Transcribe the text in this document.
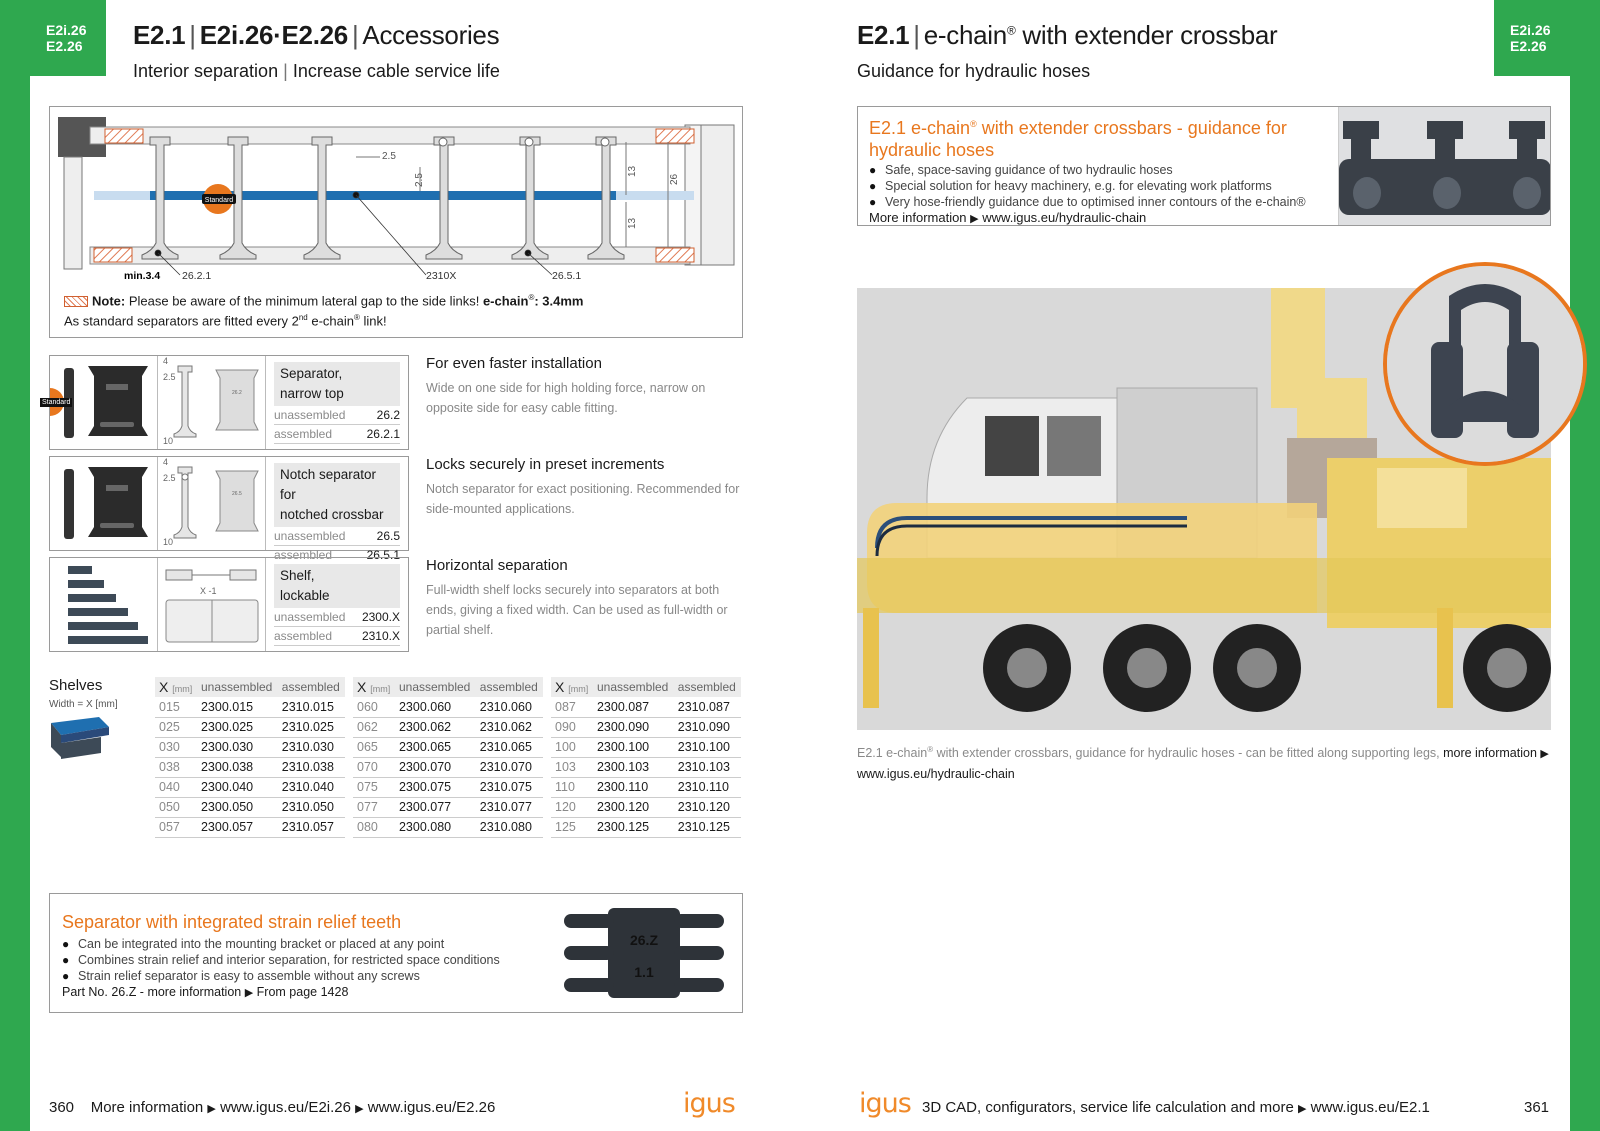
E2i.26
E2.26	E2.1 | E2i.26·E2.26 | Accessories
Interior separation | Increase cable service life
2.5
2.5
13
26
13
Standard
min.3.4 26.2.1	2310X	26.5.1
Note: Please be aware of the minimum lateral gap to the side links! e-chain®: 3.4mm
As standard separators are fitted every 2nd e-chain® link!
Standard
4
2.5
10
26.2
Separator,
narrow top
unassembled	26.2
assembled	26.2.1
For even faster installation

Wide on one side for high holding force, narrow on opposite side for easy cable fitting.

4
2.5
10
26.5
Notch separator for
notched crossbar
unassembled	26.5
assembled	26.5.1
Locks securely in preset increments

Notch separator for exact positioning. Recommended for side-mounted applications.

X -1
Shelf,
lockable
unassembled 2300.X
assembled 2310.X
Horizontal separation

Full-width shelf locks securely into separators at both ends, giving a fixed width. Can be used as full-width or partial shelf.

Shelves
Width = X [mm]
X [mm]	unassembled	assembled
015	2300.015	2310.015
025	2300.025	2310.025
030	2300.030	2310.030
038	2300.038	2310.038
040	2300.040	2310.040
050	2300.050	2310.050
057	2300.057	2310.057
X [mm]	unassembled	assembled
060	2300.060	2310.060
062	2300.062	2310.062
065	2300.065	2310.065
070	2300.070	2310.070
075	2300.075	2310.075
077	2300.077	2310.077
080	2300.080	2310.080
X [mm]	unassembled	assembled
087	2300.087	2310.087
090	2300.090	2310.090
100	2300.100	2310.100
103	2300.103	2310.103
110	2300.110	2310.110
120	2300.120	2310.120
125	2300.125	2310.125
Separator with integrated strain relief teeth
● Can be integrated into the mounting bracket or placed at any point
● Combines strain relief and interior separation, for restricted space conditions
● Strain relief separator is easy to assemble without any screws
Part No. 26.Z - more information ▶ From page 1428
26.Z
1.1
360 More information ▶ www.igus.eu/E2i.26 ▶ www.igus.eu/E2.26	igus
E2i.26
E2.26
E2.1 | e-chain® with extender crossbar
Guidance for hydraulic hoses
E2.1 e-chain® with extender crossbars - guidance for hydraulic hoses
● Safe, space-saving guidance of two hydraulic hoses
● Special solution for heavy machinery, e.g. for elevating work platforms
● Very hose-friendly guidance due to optimised inner contours of the e-chain®
More information ▶ www.igus.eu/hydraulic-chain
E2.1 e-chain® with extender crossbars, guidance for hydraulic hoses - can be fitted along supporting legs, more information ▶
www.igus.eu/hydraulic-chain
igus 3D CAD, configurators, service life calculation and more ▶ www.igus.eu/E2.1	361
